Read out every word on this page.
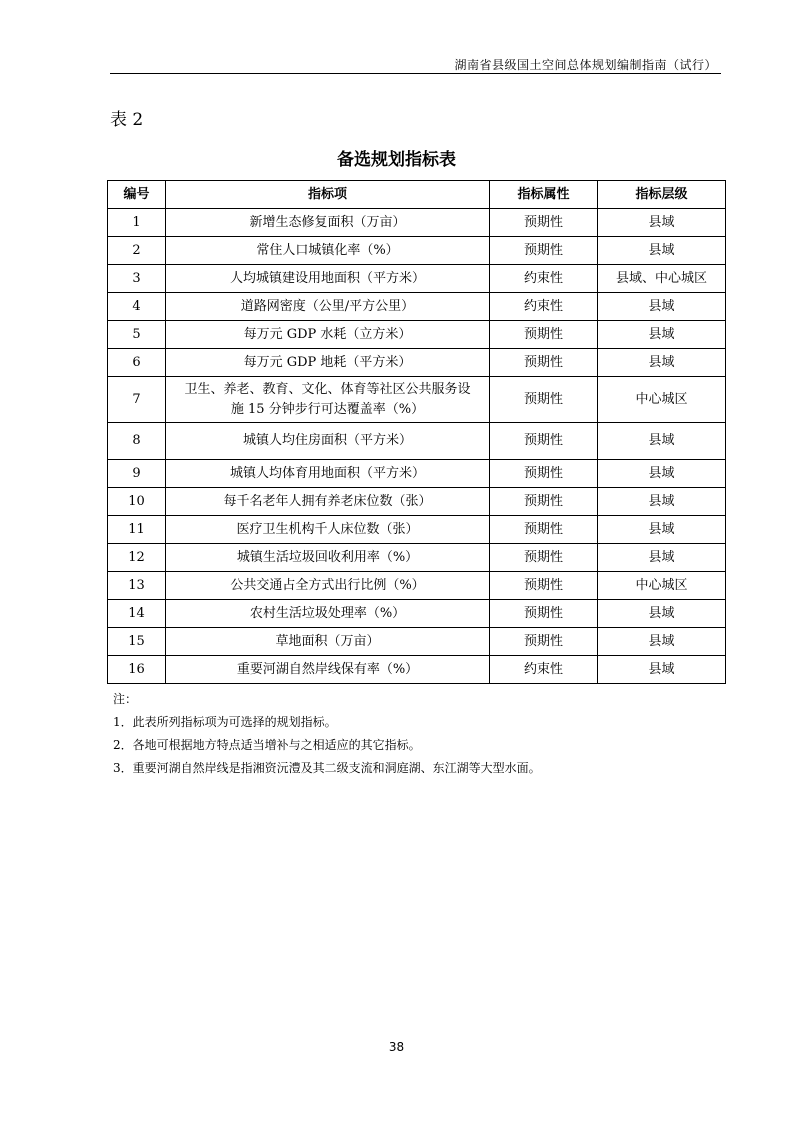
湖南省县级国土空间总体规划编制指南（试行）
表 2
备选规划指标表
编号	指标项	指标属性	指标层级
1	新增生态修复面积（万亩）	预期性	县域
2	常住人口城镇化率（%）	预期性	县域
3	人均城镇建设用地面积（平方米）	约束性	县域、中心城区
4	道路网密度（公里/平方公里）	约束性	县域
5	每万元 GDP 水耗（立方米）	预期性	县域
6	每万元 GDP 地耗（平方米）	预期性	县域
7	卫生、养老、教育、文化、体育等社区公共服务设
施 15 分钟步行可达覆盖率（%）	预期性	中心城区
8	城镇人均住房面积（平方米）	预期性	县域
9	城镇人均体育用地面积（平方米）	预期性	县域
10	每千名老年人拥有养老床位数（张）	预期性	县域
11	医疗卫生机构千人床位数（张）	预期性	县域
12	城镇生活垃圾回收利用率（%）	预期性	县域
13	公共交通占全方式出行比例（%）	预期性	中心城区
14	农村生活垃圾处理率（%）	预期性	县域
15	草地面积（万亩）	预期性	县域
16	重要河湖自然岸线保有率（%）	约束性	县域
注：
1．此表所列指标项为可选择的规划指标。
2．各地可根据地方特点适当增补与之相适应的其它指标。
3．重要河湖自然岸线是指湘资沅澧及其二级支流和洞庭湖、东江湖等大型水面。
38
